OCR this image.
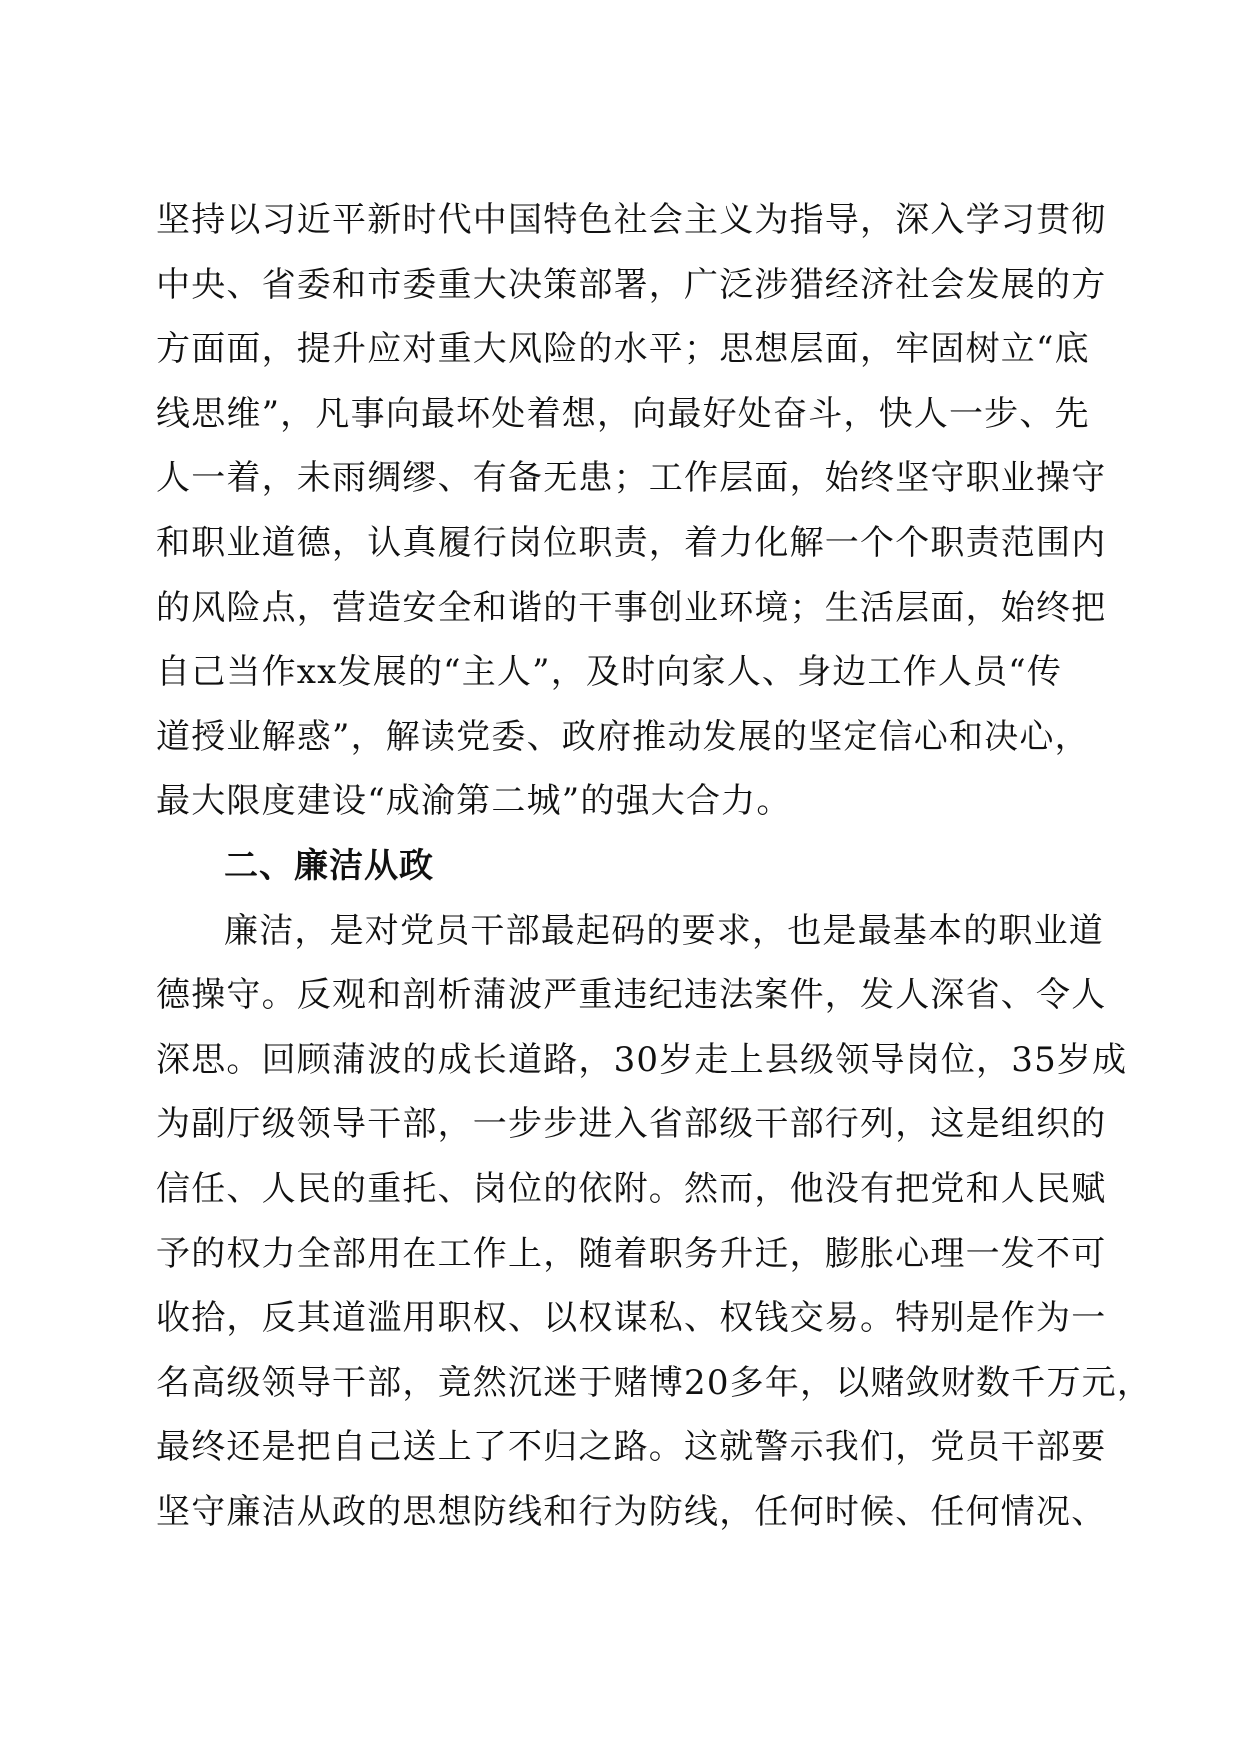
坚持以习近平新时代中国特色社会主义为指导，深入学习贯彻
中央、省委和市委重大决策部署，广泛涉猎经济社会发展的方
方面面，提升应对重大风险的水平；思想层面，牢固树立“底
线思维”，凡事向最坏处着想，向最好处奋斗，快人一步、先
人一着，未雨绸缪、有备无患；工作层面，始终坚守职业操守
和职业道德，认真履行岗位职责，着力化解一个个职责范围内
的风险点，营造安全和谐的干事创业环境；生活层面，始终把
自己当作xx发展的“主人”，及时向家人、身边工作人员“传
道授业解惑”，解读党委、政府推动发展的坚定信心和决心，
最大限度建设“成渝第二城”的强大合力。
二、廉洁从政
廉洁，是对党员干部最起码的要求，也是最基本的职业道
德操守。反观和剖析蒲波严重违纪违法案件，发人深省、令人
深思。回顾蒲波的成长道路，30岁走上县级领导岗位，35岁成
为副厅级领导干部，一步步进入省部级干部行列，这是组织的
信任、人民的重托、岗位的依附。然而，他没有把党和人民赋
予的权力全部用在工作上，随着职务升迁，膨胀心理一发不可
收拾，反其道滥用职权、以权谋私、权钱交易。特别是作为一
名高级领导干部，竟然沉迷于赌博20多年，以赌敛财数千万元，
最终还是把自己送上了不归之路。这就警示我们，党员干部要
坚守廉洁从政的思想防线和行为防线，任何时候、任何情况、
